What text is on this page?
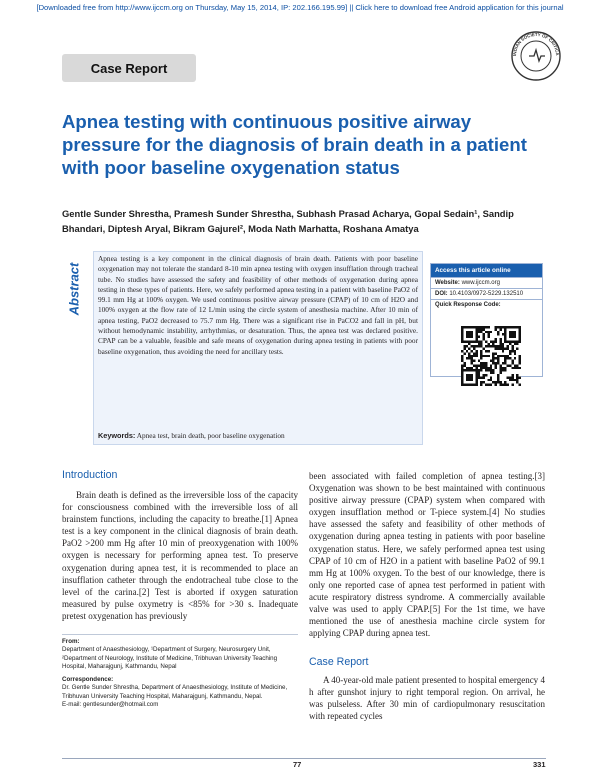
[Downloaded free from http://www.ijccm.org on Thursday, May 15, 2014, IP: 202.166.195.99] || Click here to download free Android application for this journal
Case Report
INDIAN SOCIETY OF CRITICA
Apnea testing with continuous positive airway pressure for the diagnosis of brain death in a patient with poor baseline oxygenation status
Gentle Sunder Shrestha, Pramesh Sunder Shrestha, Subhash Prasad Acharya, Gopal Sedain¹, Sandip Bhandari, Diptesh Aryal, Bikram Gajurel², Moda Nath Marhatta, Roshana Amatya
Abstract
Apnea testing is a key component in the clinical diagnosis of brain death. Patients with poor baseline oxygenation may not tolerate the standard 8-10 min apnea testing with oxygen insufflation through tracheal tube. No studies have assessed the safety and feasibility of other methods of oxygenation during apnea testing in these types of patients. Here, we safely performed apnea testing in a patient with baseline PaO2 of 99.1 mm Hg at 100% oxygen. We used continuous positive airway pressure (CPAP) of 10 cm of H2O and 100% oxygen at the flow rate of 12 L/min using the circle system of anesthesia machine. After 10 min of apnea testing, PaO2 decreased to 75.7 mm Hg. There was a significant rise in PaCO2 and fall in pH, but without hemodynamic instability, arrhythmias, or desaturation. Thus, the apnea test was declared positive. CPAP can be a valuable, feasible and safe means of oxygenation during apnea testing in patients with poor baseline oxygenation, thus avoiding the need for ancillary tests.
Keywords: Apnea test, brain death, poor baseline oxygenation
Access this article online
Website: www.ijccm.org
DOI: 10.4103/0972-5229.132510
Quick Response Code:
Introduction
Brain death is defined as the irreversible loss of the capacity for consciousness combined with the irreversible loss of all brainstem functions, including the capacity to breathe.[1] Apnea test is a key component in the clinical diagnosis of brain death. PaO2 >200 mm Hg after 10 min of preoxygenation with 100% oxygen is necessary for performing apnea test. To preserve oxygenation during apnea test, it is recommended to place an insufflation catheter through the endotracheal tube close to the level of the carina.[2] Test is aborted if oxygen saturation measured by pulse oxymetry is <85% for >30 s. Inadequate pretest oxygenation has previously
been associated with failed completion of apnea testing.[3] Oxygenation was shown to be best maintained with continuous positive airway pressure (CPAP) system when compared with oxygen insufflation method or T-piece system.[4] No studies have assessed the safety and feasibility of other methods of oxygenation during apnea testing in patients with poor baseline oxygenation status. Here, we safely performed apnea test using CPAP of 10 cm of H2O in a patient with baseline PaO2 of 99.1 mm Hg at 100% oxygen. To the best of our knowledge, there is only one reported case of apnea test performed in patient with acute respiratory distress syndrome. A commercially available valve was used to apply CPAP.[5] For the 1st time, we have mentioned the use of anesthesia machine circle system for applying CPAP during apnea test.
Case Report
A 40-year-old male patient presented to hospital emergency 4 h after gunshot injury to right temporal region. On arrival, he was pulseless. After 30 min of cardiopulmonary resuscitation with repeated cycles
From:
Department of Anaesthesiology, ¹Department of Surgery, Neurosurgery Unit, ²Department of Neurology, Institute of Medicine, Tribhuvan University Teaching Hospital, Maharajgunj, Kathmandu, Nepal
Correspondence:
Dr. Gentle Sunder Shrestha, Department of Anaesthesiology, Institute of Medicine, Tribhuvan University Teaching Hospital, Maharajgunj, Kathmandu, Nepal.
E-mail: gentlesunder@hotmail.com
77	331
